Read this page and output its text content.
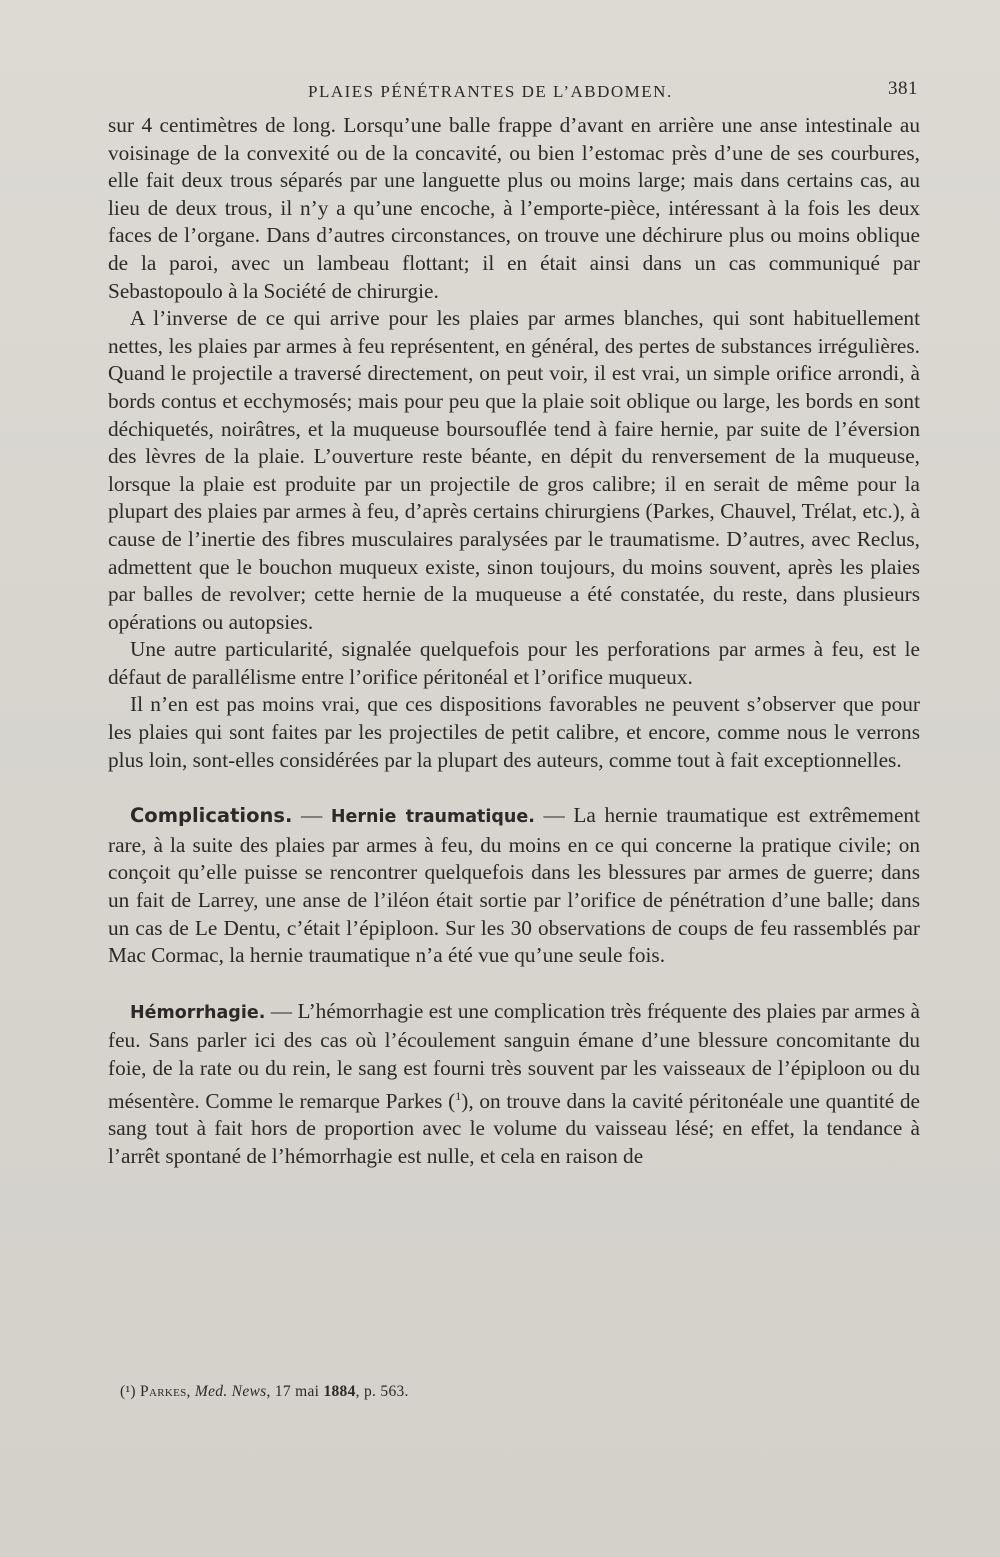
PLAIES PÉNÉTRANTES DE L’ABDOMEN.	381

sur 4 centimètres de long. Lorsqu’une balle frappe d’avant en arrière une anse intestinale au voisinage de la convexité ou de la concavité, ou bien l’estomac près d’une de ses courbures, elle fait deux trous séparés par une languette plus ou moins large; mais dans certains cas, au lieu de deux trous, il n’y a qu’une encoche, à l’emporte-pièce, intéressant à la fois les deux faces de l’organe. Dans d’autres circonstances, on trouve une déchirure plus ou moins oblique de la paroi, avec un lambeau flottant; il en était ainsi dans un cas communiqué par Sebastopoulo à la Société de chirurgie.

A l’inverse de ce qui arrive pour les plaies par armes blanches, qui sont habituellement nettes, les plaies par armes à feu représentent, en général, des pertes de substances irrégulières. Quand le projectile a traversé directement, on peut voir, il est vrai, un simple orifice arrondi, à bords contus et ecchymosés; mais pour peu que la plaie soit oblique ou large, les bords en sont déchiquetés, noirâtres, et la muqueuse boursouflée tend à faire hernie, par suite de l’éversion des lèvres de la plaie. L’ouverture reste béante, en dépit du renversement de la muqueuse, lorsque la plaie est produite par un projectile de gros calibre; il en serait de même pour la plupart des plaies par armes à feu, d’après certains chirurgiens (Parkes, Chauvel, Trélat, etc.), à cause de l’inertie des fibres musculaires paralysées par le traumatisme. D’autres, avec Reclus, admettent que le bouchon muqueux existe, sinon toujours, du moins souvent, après les plaies par balles de revolver; cette hernie de la muqueuse a été constatée, du reste, dans plusieurs opérations ou autopsies.

Une autre particularité, signalée quelquefois pour les perforations par armes à feu, est le défaut de parallélisme entre l’orifice péritonéal et l’orifice muqueux.

Il n’en est pas moins vrai, que ces dispositions favorables ne peuvent s’observer que pour les plaies qui sont faites par les projectiles de petit calibre, et encore, comme nous le verrons plus loin, sont-elles considérées par la plupart des auteurs, comme tout à fait exceptionnelles.

Complications. — Hernie traumatique. — La hernie traumatique est extrêmement rare, à la suite des plaies par armes à feu, du moins en ce qui concerne la pratique civile; on conçoit qu’elle puisse se rencontrer quelquefois dans les blessures par armes de guerre; dans un fait de Larrey, une anse de l’iléon était sortie par l’orifice de pénétration d’une balle; dans un cas de Le Dentu, c’était l’épiploon. Sur les 30 observations de coups de feu rassemblés par Mac Cormac, la hernie traumatique n’a été vue qu’une seule fois.

Hémorrhagie. — L’hémorrhagie est une complication très fréquente des plaies par armes à feu. Sans parler ici des cas où l’écoulement sanguin émane d’une blessure concomitante du foie, de la rate ou du rein, le sang est fourni très souvent par les vaisseaux de l’épiploon ou du mésentère. Comme le remarque Parkes ($^1$), on trouve dans la cavité péritonéale une quantité de sang tout à fait hors de proportion avec le volume du vaisseau lésé; en effet, la tendance à l’arrêt spontané de l’hémorrhagie est nulle, et cela en raison de

(¹) Parkes, Med. News, 17 mai 1884, p. 563.
